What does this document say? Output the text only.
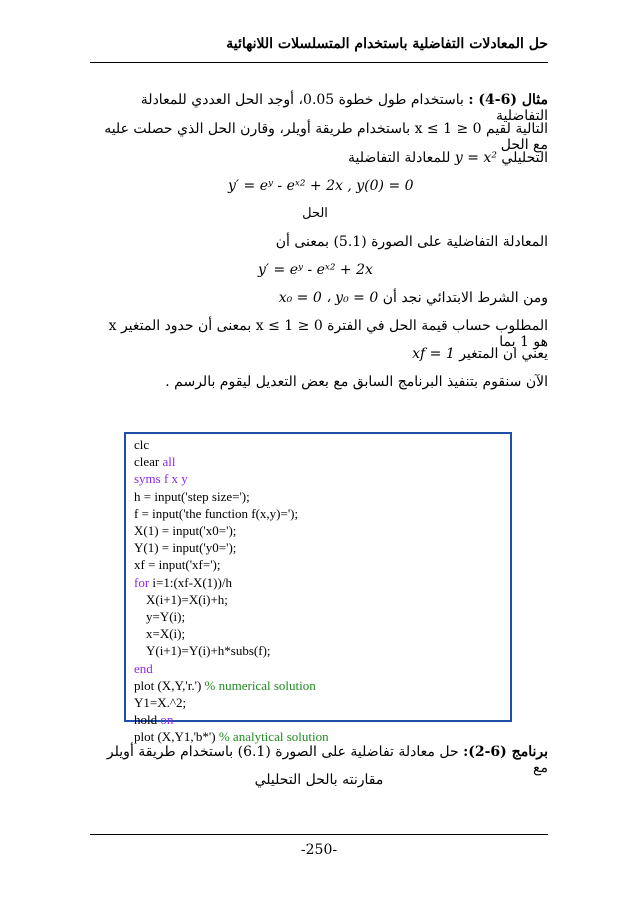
حل المعادلات التفاضلية باستخدام المتسلسلات اللانهائية
مثال (6-4) : باستخدام طول خطوة 0.05، أوجد الحل العددي للمعادلة التفاضلية
التالية لقيم 0 ≤ x ≤ 1 باستخدام طريقة أويلر، وقارن الحل الذي حصلت عليه مع الحل
التحليلي y = x² للمعادلة التفاضلية
y′ = eʸ - eˣ² + 2x , y(0) = 0
الحل
المعادلة التفاضلية على الصورة (5.1) بمعنى أن
y′ = eʸ - eˣ² + 2x
ومن الشرط الابتدائي نجد أن x₀ = 0 ، y₀ = 0
المطلوب حساب قيمة الحل في الفترة 0 ≤ x ≤ 1 بمعنى أن حدود المتغير x هو 1 بما
يعني ان المتغير xf = 1
الآن سنقوم بتنفيذ البرنامج السابق مع بعض التعديل ليقوم بالرسم .
clc
clear all
syms f x y
h = input('step size=');
f = input('the function f(x,y)=');
X(1) = input('x0=');
Y(1) = input('y0=');
xf = input('xf=');
for i=1:(xf-X(1))/h
X(i+1)=X(i)+h;
y=Y(i);
x=X(i);
Y(i+1)=Y(i)+h*subs(f);
end
plot (X,Y,'r.') % numerical solution
Y1=X.^2;
hold on
plot (X,Y1,'b*') % analytical solution
برنامج (6-2): حل معادلة تفاضلية على الصورة (6.1) باستخدام طريقة أويلر مع
مقارنته بالحل التحليلي
-250-
